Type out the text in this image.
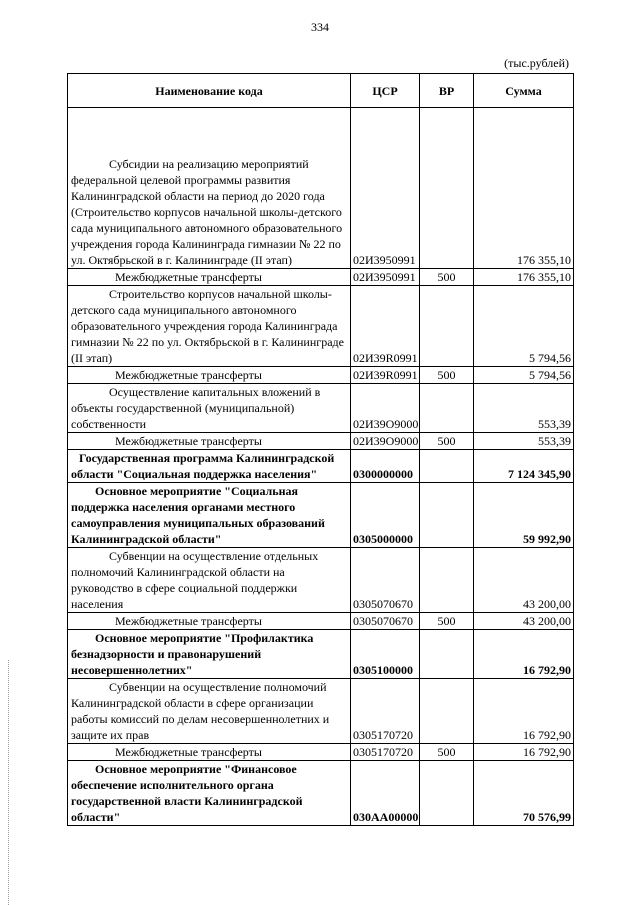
334
(тыс.рублей)
Наименование кода	ЦСР	ВР	Сумма
Субсидии на реализацию мероприятий федеральной целевой программы развития Калининградской области на период до 2020 года (Строительство корпусов начальной школы-детского сада муниципального автономного образовательного учреждения города Калининграда гимназии № 22 по ул. Октябрьской в г. Калининграде (II этап)	02И3950991		176 355,10
Межбюджетные трансферты	02И3950991	500	176 355,10
Строительство корпусов начальной школы-детского сада муниципального автономного образовательного учреждения города Калининграда гимназии № 22 по ул. Октябрьской в г. Калининграде (II этап)	02И39R0991		5 794,56
Межбюджетные трансферты	02И39R0991	500	5 794,56
Осуществление капитальных вложений в объекты государственной (муниципальной) собственности	02И39О9000		553,39
Межбюджетные трансферты	02И39О9000	500	553,39
Государственная программа Калининградской области "Социальная поддержка населения"	0300000000		7 124 345,90
Основное мероприятие "Социальная поддержка населения органами местного самоуправления муниципальных образований Калининградской области"	0305000000		59 992,90
Субвенции на осуществление отдельных полномочий Калининградской области на руководство в сфере социальной поддержки населения	0305070670		43 200,00
Межбюджетные трансферты	0305070670	500	43 200,00
Основное мероприятие "Профилактика безнадзорности и правонарушений несовершеннолетних"	0305100000		16 792,90
Субвенции на осуществление полномочий Калининградской области в сфере организации работы комиссий по делам несовершеннолетних и защите их прав	0305170720		16 792,90
Межбюджетные трансферты	0305170720	500	16 792,90
Основное мероприятие "Финансовое обеспечение исполнительного органа государственной власти Калининградской области"	030АА00000		70 576,99
